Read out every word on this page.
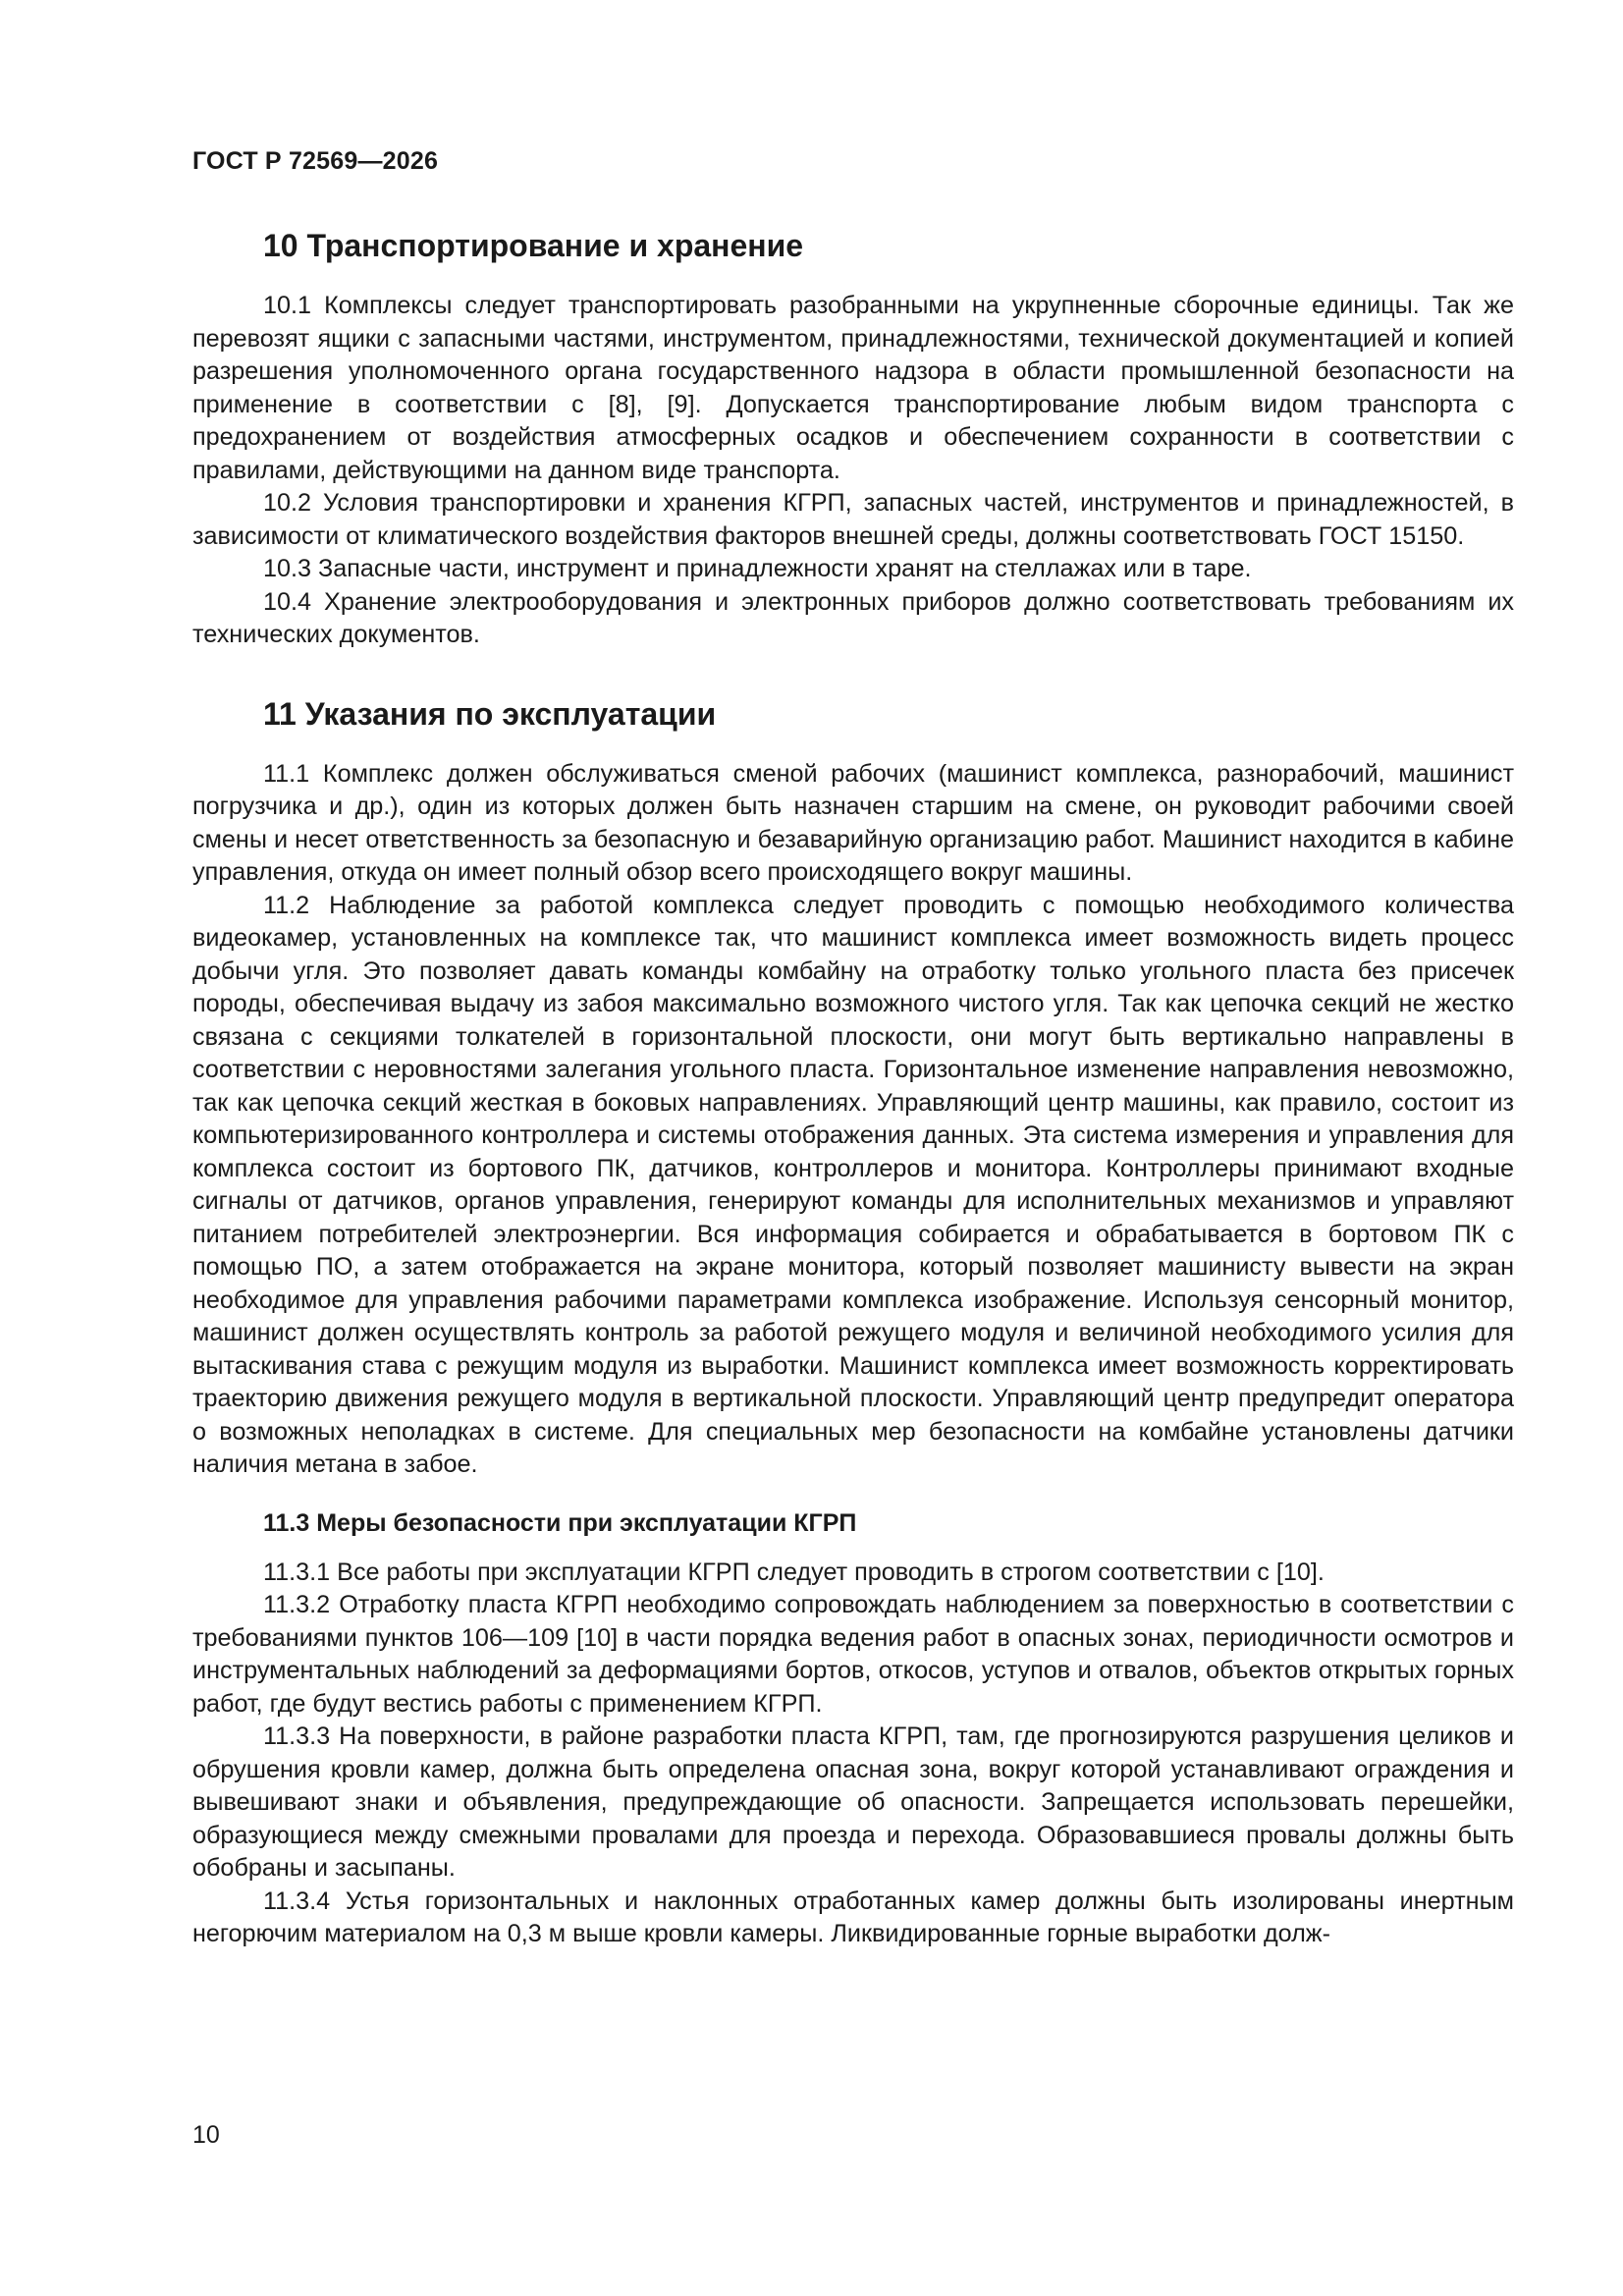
ГОСТ Р 72569—2026
10 Транспортирование и хранение

10.1 Комплексы следует транспортировать разобранными на укрупненные сборочные единицы. Так же перевозят ящики с запасными частями, инструментом, принадлежностями, технической документацией и копией разрешения уполномоченного органа государственного надзора в области промышленной безопасности на применение в соответствии с [8], [9]. Допускается транспортирование любым видом транспорта с предохранением от воздействия атмосферных осадков и обеспечением сохранности в соответствии с правилами, действующими на данном виде транспорта.

10.2 Условия транспортировки и хранения КГРП, запасных частей, инструментов и принадлежностей, в зависимости от климатического воздействия факторов внешней среды, должны соответствовать ГОСТ 15150.

10.3 Запасные части, инструмент и принадлежности хранят на стеллажах или в таре.

10.4 Хранение электрооборудования и электронных приборов должно соответствовать требованиям их технических документов.

11 Указания по эксплуатации

11.1 Комплекс должен обслуживаться сменой рабочих (машинист комплекса, разнорабочий, машинист погрузчика и др.), один из которых должен быть назначен старшим на смене, он руководит рабочими своей смены и несет ответственность за безопасную и безаварийную организацию работ. Машинист находится в кабине управления, откуда он имеет полный обзор всего происходящего вокруг машины.

11.2 Наблюдение за работой комплекса следует проводить с помощью необходимого количества видеокамер, установленных на комплексе так, что машинист комплекса имеет возможность видеть процесс добычи угля. Это позволяет давать команды комбайну на отработку только угольного пласта без присечек породы, обеспечивая выдачу из забоя максимально возможного чистого угля. Так как цепочка секций не жестко связана с секциями толкателей в горизонтальной плоскости, они могут быть вертикально направлены в соответствии с неровностями залегания угольного пласта. Горизонтальное изменение направления невозможно, так как цепочка секций жесткая в боковых направлениях. Управляющий центр машины, как правило, состоит из компьютеризированного контроллера и системы отображения данных. Эта система измерения и управления для комплекса состоит из бортового ПК, датчиков, контроллеров и монитора. Контроллеры принимают входные сигналы от датчиков, органов управления, генерируют команды для исполнительных механизмов и управляют питанием потребителей электроэнергии. Вся информация собирается и обрабатывается в бортовом ПК с помощью ПО, а затем отображается на экране монитора, который позволяет машинисту вывести на экран необходимое для управления рабочими параметрами комплекса изображение. Используя сенсорный монитор, машинист должен осуществлять контроль за работой режущего модуля и величиной необходимого усилия для вытаскивания става с режущим модуля из выработки. Машинист комплекса имеет возможность корректировать траекторию движения режущего модуля в вертикальной плоскости. Управляющий центр предупредит оператора о возможных неполадках в системе. Для специальных мер безопасности на комбайне установлены датчики наличия метана в забое.

11.3 Меры безопасности при эксплуатации КГРП

11.3.1 Все работы при эксплуатации КГРП следует проводить в строгом соответствии с [10].

11.3.2 Отработку пласта КГРП необходимо сопровождать наблюдением за поверхностью в соответствии с требованиями пунктов 106—109 [10] в части порядка ведения работ в опасных зонах, периодичности осмотров и инструментальных наблюдений за деформациями бортов, откосов, уступов и отвалов, объектов открытых горных работ, где будут вестись работы с применением КГРП.

11.3.3 На поверхности, в районе разработки пласта КГРП, там, где прогнозируются разрушения целиков и обрушения кровли камер, должна быть определена опасная зона, вокруг которой устанавливают ограждения и вывешивают знаки и объявления, предупреждающие об опасности. Запрещается использовать перешейки, образующиеся между смежными провалами для проезда и перехода. Образовавшиеся провалы должны быть обобраны и засыпаны.

11.3.4 Устья горизонтальных и наклонных отработанных камер должны быть изолированы инертным негорючим материалом на 0,3 м выше кровли камеры. Ликвидированные горные выработки долж-

10
